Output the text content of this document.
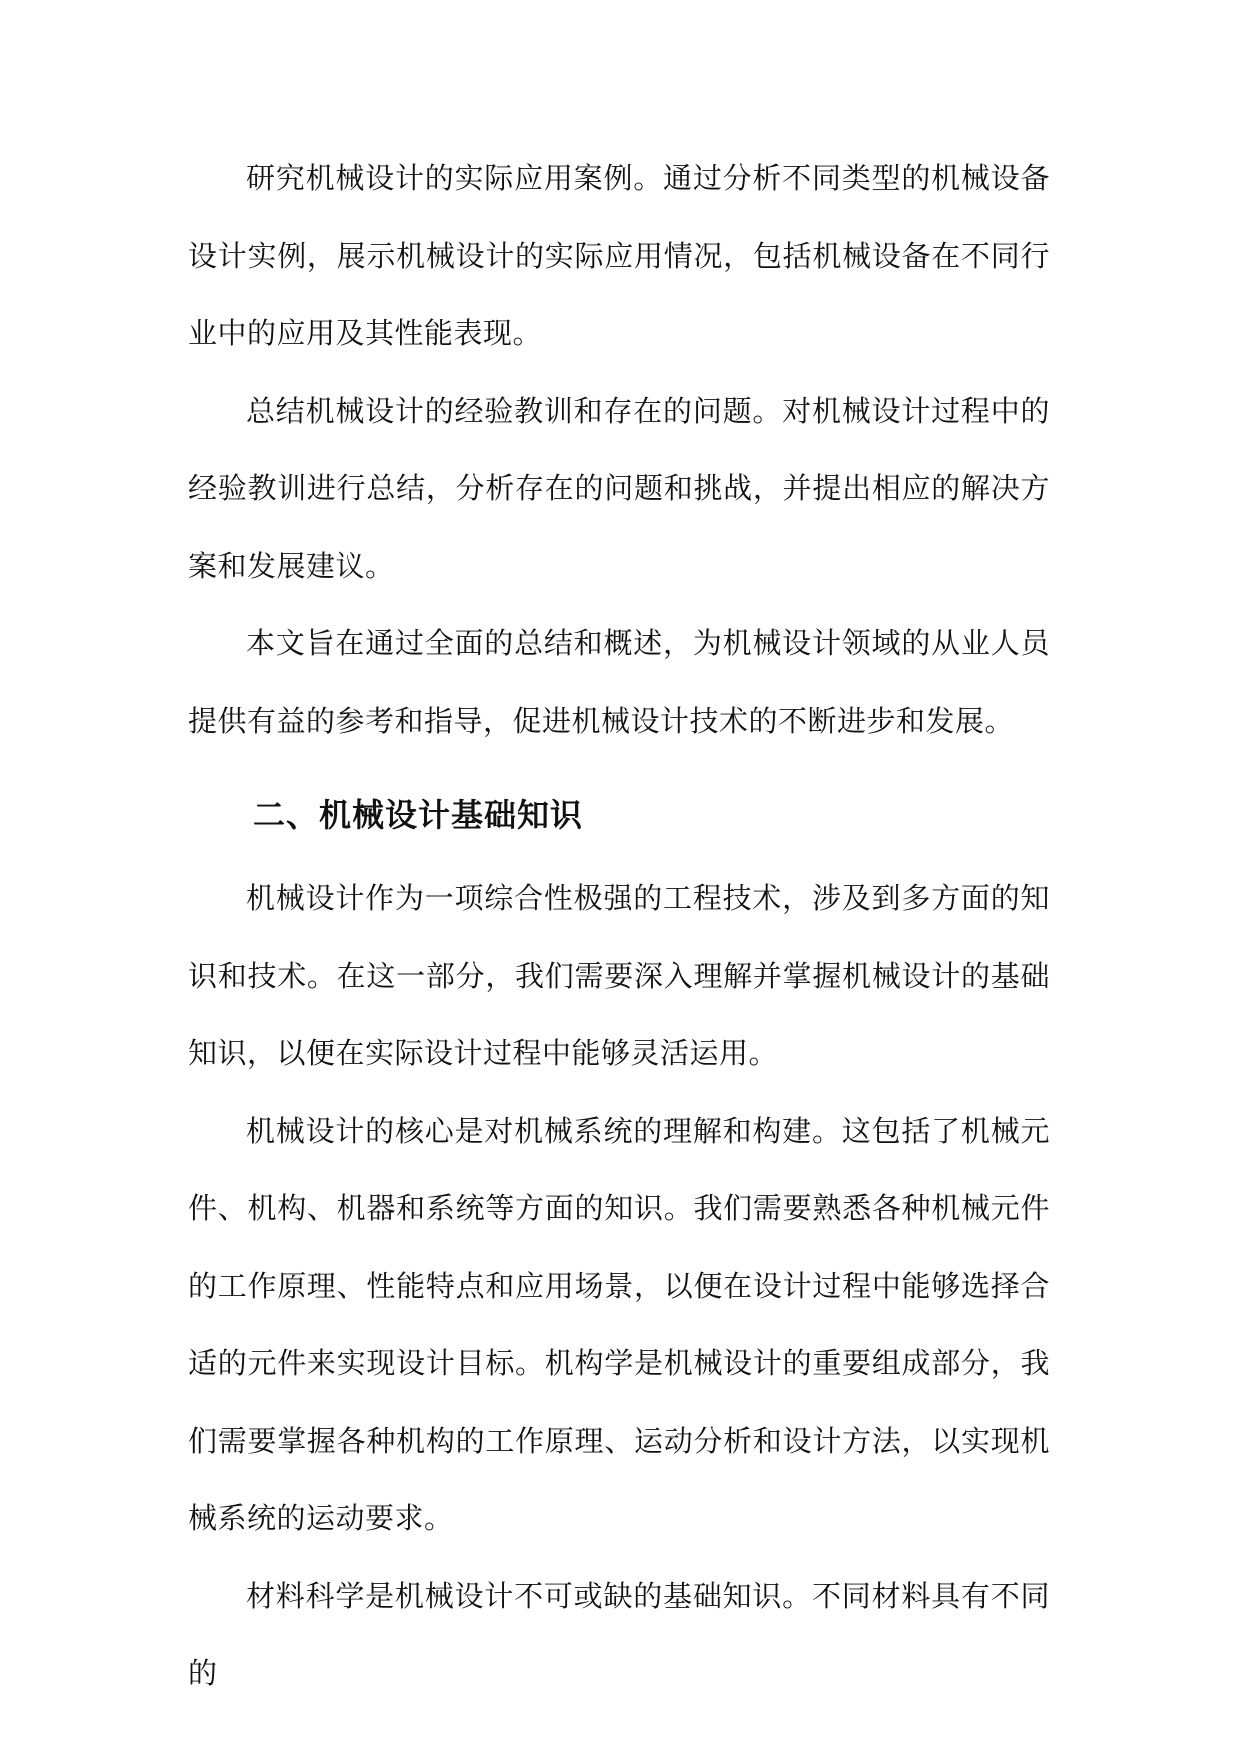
研究机械设计的实际应用案例。通过分析不同类型的机械设备设计实例，展示机械设计的实际应用情况，包括机械设备在不同行业中的应用及其性能表现。

总结机械设计的经验教训和存在的问题。对机械设计过程中的经验教训进行总结，分析存在的问题和挑战，并提出相应的解决方案和发展建议。

本文旨在通过全面的总结和概述，为机械设计领域的从业人员提供有益的参考和指导，促进机械设计技术的不断进步和发展。

二、机械设计基础知识

机械设计作为一项综合性极强的工程技术，涉及到多方面的知识和技术。在这一部分，我们需要深入理解并掌握机械设计的基础知识，以便在实际设计过程中能够灵活运用。

机械设计的核心是对机械系统的理解和构建。这包括了机械元件、机构、机器和系统等方面的知识。我们需要熟悉各种机械元件的工作原理、性能特点和应用场景，以便在设计过程中能够选择合适的元件来实现设计目标。机构学是机械设计的重要组成部分，我们需要掌握各种机构的工作原理、运动分析和设计方法，以实现机械系统的运动要求。

材料科学是机械设计不可或缺的基础知识。不同材料具有不同的
